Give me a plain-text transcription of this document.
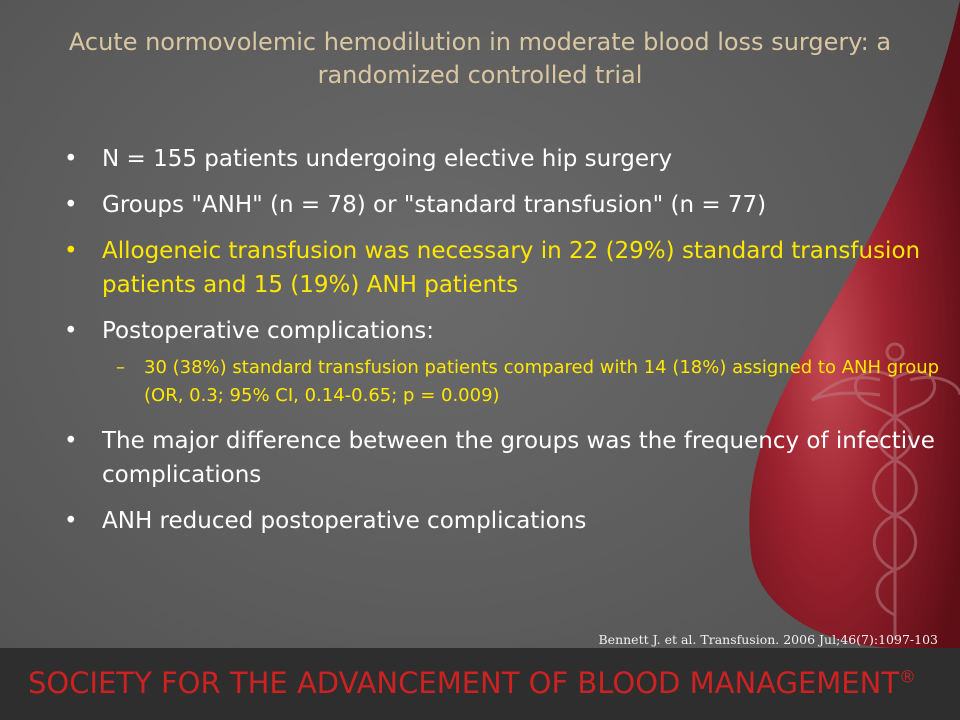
Acute normovolemic hemodilution in moderate blood loss surgery: a randomized controlled trial
• N = 155 patients undergoing elective hip surgery
• Groups "ANH" (n = 78) or "standard transfusion" (n = 77)
• Allogeneic transfusion was necessary in 22 (29%) standard transfusion patients and 15 (19%) ANH patients
• Postoperative complications:
– 30 (38%) standard transfusion patients compared with 14 (18%) assigned to ANH group (OR, 0.3; 95% CI, 0.14-0.65; p = 0.009)
• The major difference between the groups was the frequency of infective complications
• ANH reduced postoperative complications
Bennett J. et al. Transfusion. 2006 Jul;46(7):1097-103
SOCIETY FOR THE ADVANCEMENT OF BLOOD MANAGEMENT®
